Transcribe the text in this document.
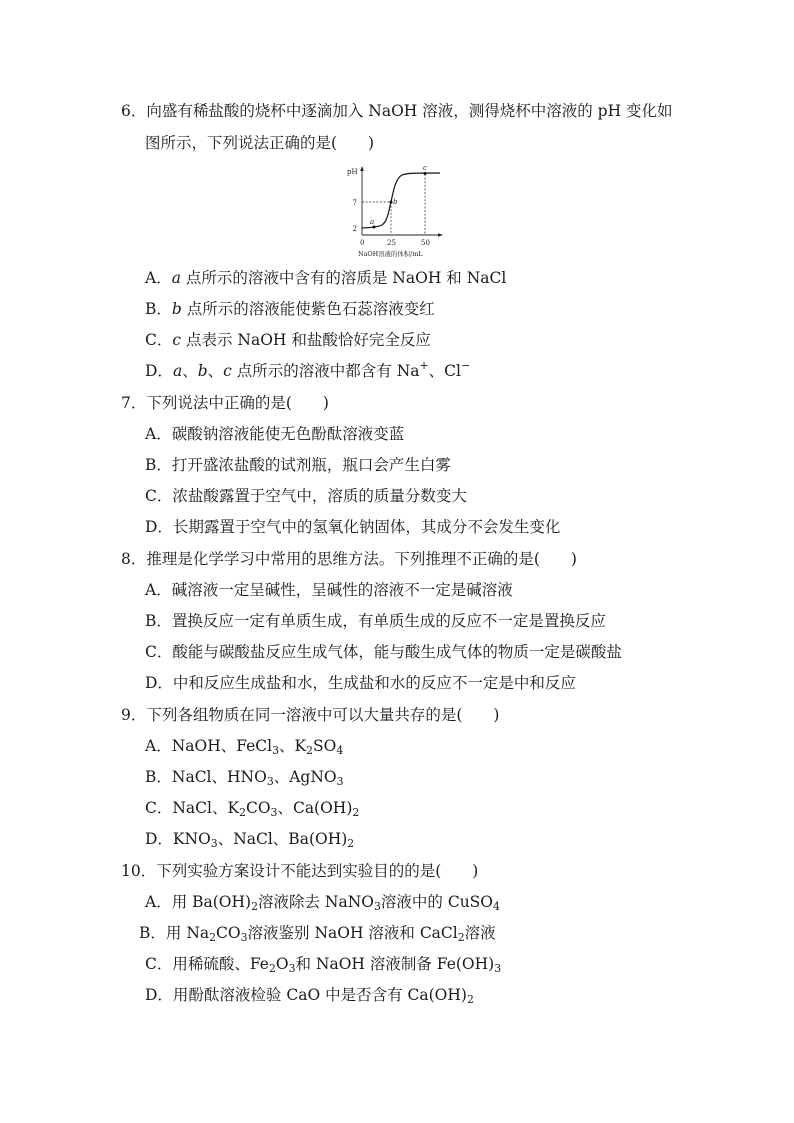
6．向盛有稀盐酸的烧杯中逐滴加入 NaOH 溶液，测得烧杯中溶液的 pH 变化如
图所示，下列说法正确的是(　　)
pH
a
b
c
7
2
0	25	50
NaOH溶液的体积/mL
A．a 点所示的溶液中含有的溶质是 NaOH 和 NaCl
B．b 点所示的溶液能使紫色石蕊溶液变红
C．c 点表示 NaOH 和盐酸恰好完全反应
D．a、b、c 点所示的溶液中都含有 Na+、Cl−
7．下列说法中正确的是(　　)
A．碳酸钠溶液能使无色酚酞溶液变蓝
B．打开盛浓盐酸的试剂瓶，瓶口会产生白雾
C．浓盐酸露置于空气中，溶质的质量分数变大
D．长期露置于空气中的氢氧化钠固体，其成分不会发生变化
8．推理是化学学习中常用的思维方法。下列推理不正确的是(　　)
A．碱溶液一定呈碱性，呈碱性的溶液不一定是碱溶液
B．置换反应一定有单质生成，有单质生成的反应不一定是置换反应
C．酸能与碳酸盐反应生成气体，能与酸生成气体的物质一定是碳酸盐
D．中和反应生成盐和水，生成盐和水的反应不一定是中和反应
9．下列各组物质在同一溶液中可以大量共存的是(　　)
A．NaOH、FeCl$_3$、$K_2SO_4$
B．NaCl、$HNO_3$、AgNO$_3$
C．NaCl、$K_2CO_3$、$Ca(OH)_2$
D．$KNO_3$、NaCl、$Ba(OH)_2$
10．下列实验方案设计不能达到实验目的的是(　　)
A．用 $Ba(OH)_2$溶液除去 NaNO$_3$溶液中的 CuSO$_4$
B．用 $Na_2CO_3$溶液鉴别 NaOH 溶液和 CaCl$_2$溶液
C．用稀硫酸、$Fe_2O_3$和 NaOH 溶液制备 $Fe(OH)_3$
D．用酚酞溶液检验 CaO 中是否含有 $Ca(OH)_2$
